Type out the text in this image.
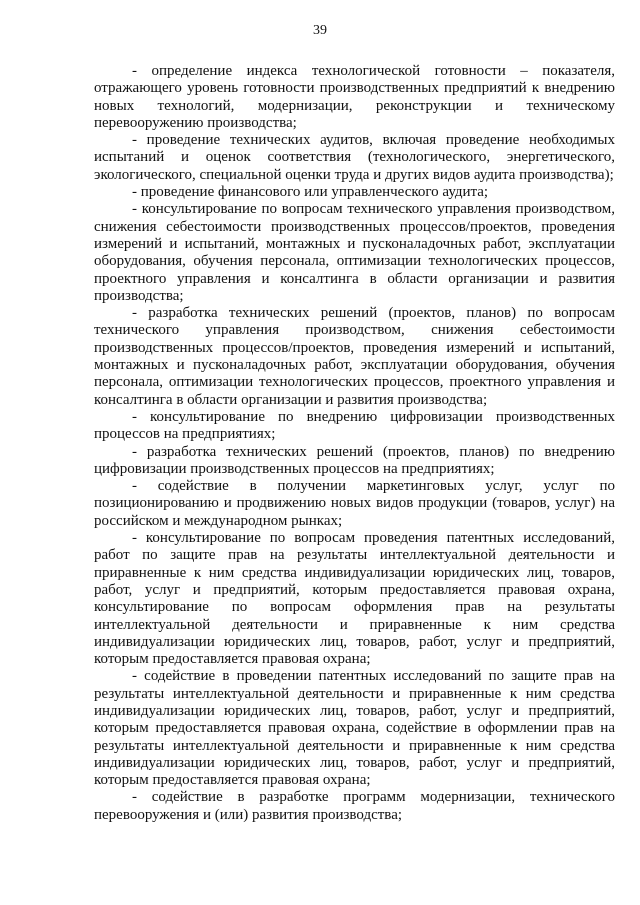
39

- определение индекса технологической готовности – показателя, отражающего уровень готовности производственных предприятий к внедрению новых технологий, модернизации, реконструкции и техническому перевооружению производства;

- проведение технических аудитов, включая проведение необходимых испытаний и оценок соответствия (технологического, энергетического, экологического, специальной оценки труда и других видов аудита производства);

- проведение финансового или управленческого аудита;

- консультирование по вопросам технического управления производством, снижения себестоимости производственных процессов/проектов, проведения измерений и испытаний, монтажных и пусконаладочных работ, эксплуатации оборудования, обучения персонала, оптимизации технологических процессов, проектного управления и консалтинга в области организации и развития производства;

- разработка технических решений (проектов, планов) по вопросам технического управления производством, снижения себестоимости производственных процессов/проектов, проведения измерений и испытаний, монтажных и пусконаладочных работ, эксплуатации оборудования, обучения персонала, оптимизации технологических процессов, проектного управления и консалтинга в области организации и развития производства;

- консультирование по внедрению цифровизации производственных процессов на предприятиях;

- разработка технических решений (проектов, планов) по внедрению цифровизации производственных процессов на предприятиях;

- содействие в получении маркетинговых услуг, услуг по позиционированию и продвижению новых видов продукции (товаров, услуг) на российском и международном рынках;

- консультирование по вопросам проведения патентных исследований, работ по защите прав на результаты интеллектуальной деятельности и приравненные к ним средства индивидуализации юридических лиц, товаров, работ, услуг и предприятий, которым предоставляется правовая охрана, консультирование по вопросам оформления прав на результаты интеллектуальной деятельности и приравненные к ним средства индивидуализации юридических лиц, товаров, работ, услуг и предприятий, которым предоставляется правовая охрана;

- содействие в проведении патентных исследований по защите прав на результаты интеллектуальной деятельности и приравненные к ним средства индивидуализации юридических лиц, товаров, работ, услуг и предприятий, которым предоставляется правовая охрана, содействие в оформлении прав на результаты интеллектуальной деятельности и приравненные к ним средства индивидуализации юридических лиц, товаров, работ, услуг и предприятий, которым предоставляется правовая охрана;

- содействие в разработке программ модернизации, технического перевооружения и (или) развития производства;
